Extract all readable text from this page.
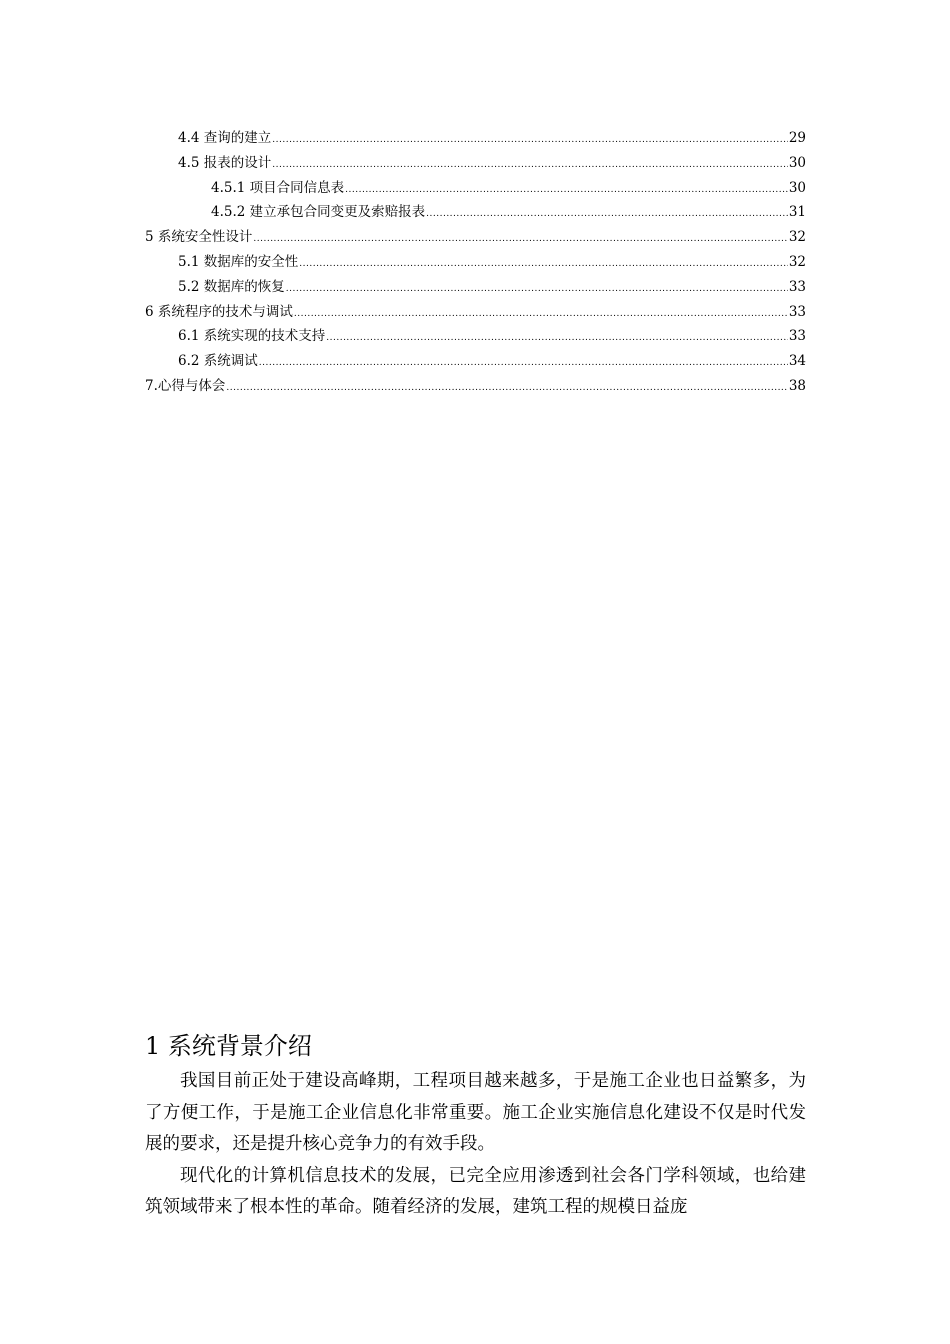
4.4 查询的建立 .....	29
4.5 报表的设计 .....	30
4.5.1 项目合同信息表 .....	30
4.5.2 建立承包合同变更及索赔报表 .....	31
5 系统安全性设计 .....	32
5.1 数据库的安全性 .....	32
5.2 数据库的恢复 .....	33
6 系统程序的技术与调试 .....	33
6.1 系统实现的技术支持 .....	33
6.2 系统调试 .....	34
7.心得与体会 .....	38
1 系统背景介绍

我国目前正处于建设高峰期，工程项目越来越多，于是施工企业也日益繁多，为了方便工作，于是施工企业信息化非常重要。施工企业实施信息化建设不仅是时代发展的要求，还是提升核心竞争力的有效手段。

现代化的计算机信息技术的发展，已完全应用渗透到社会各门学科领域，也给建筑领域带来了根本性的革命。随着经济的发展，建筑工程的规模日益庞
